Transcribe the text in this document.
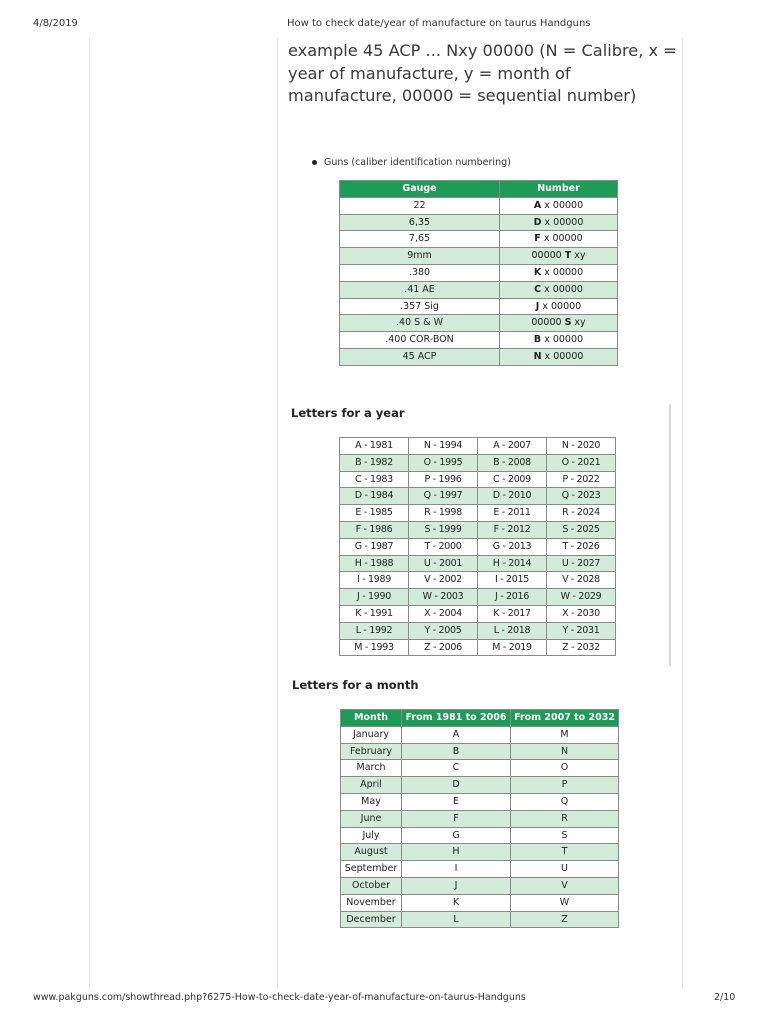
4/8/2019	How to check date/year of manufacture on taurus Handguns
example 45 ACP ... Nxy 00000 (N = Calibre, x = year of manufacture, y = month of manufacture, 00000 = sequential number)
Guns (caliber identification numbering)
Gauge	Number
22	A x 00000
6,35	D x 00000
7,65	F x 00000
9mm	00000 T xy
.380	K x 00000
.41 AE	C x 00000
.357 Sig	J x 00000
.40 S & W	00000 S xy
.400 COR-BON	B x 00000
45 ACP	N x 00000
Letters for a year
A - 1981	N - 1994	A - 2007	N - 2020
B - 1982	O - 1995	B - 2008	O - 2021
C - 1983	P - 1996	C - 2009	P - 2022
D - 1984	Q - 1997	D - 2010	Q - 2023
E - 1985	R - 1998	E - 2011	R - 2024
F - 1986	S - 1999	F - 2012	S - 2025
G - 1987	T - 2000	G - 2013	T - 2026
H - 1988	U - 2001	H - 2014	U - 2027
I - 1989	V - 2002	I - 2015	V - 2028
J - 1990	W - 2003	J - 2016	W - 2029
K - 1991	X - 2004	K - 2017	X - 2030
L - 1992	Y - 2005	L - 2018	Y - 2031
M - 1993	Z - 2006	M - 2019	Z - 2032
Letters for a month
Month	From 1981 to 2006	From 2007 to 2032
January	A	M
February	B	N
March	C	O
April	D	P
May	E	Q
June	F	R
July	G	S
August	H	T
September	I	U
October	J	V
November	K	W
December	L	Z
www.pakguns.com/showthread.php?6275-How-to-check-date-year-of-manufacture-on-taurus-Handguns	2/10
